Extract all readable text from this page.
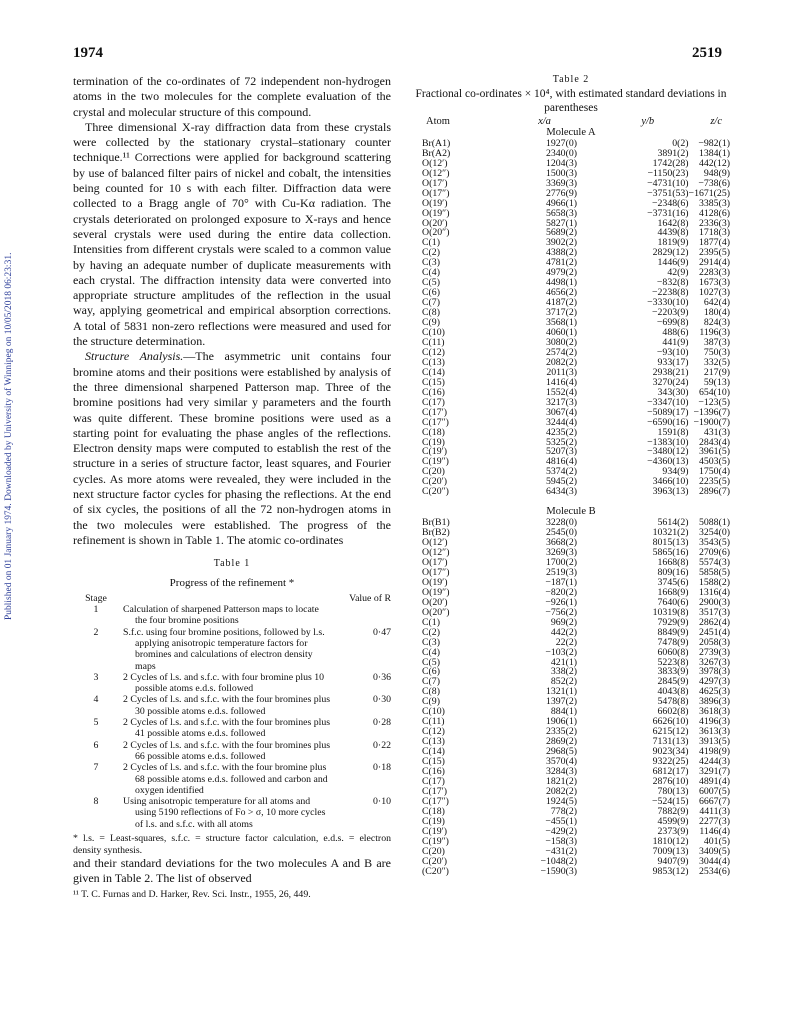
Published on 01 January 1974. Downloaded by University of Winnipeg on 10/05/2018 06:23:31.
1974	2519

termination of the co-ordinates of 72 independent non-hydrogen atoms in the two molecules for the complete evaluation of the crystal and molecular structure of this compound.

Three dimensional X-ray diffraction data from these crystals were collected by the stationary crystal–stationary counter technique.¹¹ Corrections were applied for background scattering by use of balanced filter pairs of nickel and cobalt, the intensities being counted for 10 s with each filter. Diffraction data were collected to a Bragg angle of 70° with Cu-Kα radiation. The crystals deteriorated on prolonged exposure to X-rays and hence several crystals were used during the entire data collection. Intensities from different crystals were scaled to a common value by having an adequate number of duplicate measurements with each crystal. The diffraction intensity data were converted into appropriate structure amplitudes of the reflection in the usual way, applying geometrical and empirical absorption corrections. A total of 5831 non-zero reflections were measured and used for the structure determination.

Structure Analysis.—The asymmetric unit contains four bromine atoms and their positions were established by analysis of the three dimensional sharpened Patterson map. Three of the bromine positions had very similar y parameters and the fourth was quite different. These bromine positions were used as a starting point for evaluating the phase angles of the reflections. Electron density maps were computed to establish the rest of the structure in a series of structure factor, least squares, and Fourier cycles. As more atoms were revealed, they were included in the next structure factor cycles for phasing the reflections. At the end of six cycles, the positions of all the 72 non-hydrogen atoms in the two molecules were established. The progress of the refinement is shown in Table 1. The atomic co-ordinates

Table 1
Progress of the refinement *
Stage		Value of R
1	Calculation of sharpened Patterson maps to locate the four bromine positions	

2	S.f.c. using four bromine positions, followed by l.s. applying anisotropic temperature factors for bromines and calculations of electron density maps	0·47
3	2 Cycles of l.s. and s.f.c. with four bromine plus 10 possible atoms e.d.s. followed	0·36
4	2 Cycles of l.s. and s.f.c. with the four bromines plus 30 possible atoms e.d.s. followed	0·30
5	2 Cycles of l.s. and s.f.c. with the four bromines plus 41 possible atoms e.d.s. followed	0·28
6	2 Cycles of l.s. and s.f.c. with the four bromines plus 66 possible atoms e.d.s. followed	0·22
7	2 Cycles of l.s. and s.f.c. with the four bromine plus 68 possible atoms e.d.s. followed and carbon and oxygen identified	0·18
8	Using anisotropic temperature for all atoms and using 5190 reflections of Fo > σ, 10 more cycles of l.s. and s.f.c. with all atoms	0·10
* l.s. = Least-squares, s.f.c. = structure factor calculation, e.d.s. = electron density synthesis.

and their standard deviations for the two molecules A and B are given in Table 2. The list of observed

¹¹ T. C. Furnas and D. Harker, Rev. Sci. Instr., 1955, 26, 449.
Table 2
Fractional co-ordinates × 10⁴, with estimated standard deviations in parentheses
Atom	x/a	y/b	z/c
Molecule A			
Br(A1)	1927(0)	0(2)	−982(1)
Br(A2)	2340(0)	3891(2)	1384(1)
O(12′)	1204(3)	1742(28)	442(12)
O(12″)	1500(3)	−1150(23)	948(9)
O(17′)	3369(3)	−4731(10)	−738(6)
O(17″)	2776(9)	−3751(53)	−1671(25)
O(19′)	4966(1)	−2348(6)	3385(3)
O(19″)	5658(3)	−3731(16)	4128(6)
O(20′)	5827(1)	1642(8)	2336(3)
O(20″)	5689(2)	4439(8)	1718(3)
C(1)	3902(2)	1819(9)	1877(4)
C(2)	4388(2)	2829(12)	2395(5)
C(3)	4781(2)	1446(9)	2914(4)
C(4)	4979(2)	42(9)	2283(3)
C(5)	4498(1)	−832(8)	1673(3)
C(6)	4656(2)	−2238(8)	1027(3)
C(7)	4187(2)	−3330(10)	642(4)
C(8)	3717(2)	−2203(9)	180(4)
C(9)	3568(1)	−699(8)	824(3)
C(10)	4060(1)	488(6)	1196(3)
C(11)	3080(2)	441(9)	387(3)
C(12)	2574(2)	−93(10)	750(3)
C(13)	2082(2)	933(17)	332(5)
C(14)	2011(3)	2938(21)	217(9)
C(15)	1416(4)	3270(24)	59(13)
C(16)	1552(4)	343(30)	654(10)
C(17)	3217(3)	−3347(10)	−123(5)
C(17′)	3067(4)	−5089(17)	−1396(7)
C(17″)	3244(4)	−6590(16)	−1900(7)
C(18)	4235(2)	1591(8)	431(3)
C(19)	5325(2)	−1383(10)	2843(4)
C(19′)	5207(3)	−3480(12)	3961(5)
C(19″)	4816(4)	−4360(13)	4503(5)
C(20)	5374(2)	934(9)	1750(4)
C(20′)	5945(2)	3466(10)	2235(5)
C(20″)	6434(3)	3963(13)	2896(7)

Molecule B			
Br(B1)	3228(0)	5614(2)	5088(1)
Br(B2)	2545(0)	10321(2)	3254(0)
O(12′)	3668(2)	8015(13)	3543(5)
O(12″)	3269(3)	5865(16)	2709(6)
O(17′)	1700(2)	1668(8)	5574(3)
O(17″)	2519(3)	809(16)	5858(5)
O(19′)	−187(1)	3745(6)	1588(2)
O(19″)	−820(2)	1668(9)	1316(4)
O(20′)	−926(1)	7640(6)	2900(3)
O(20″)	−756(2)	10319(8)	3517(3)
C(1)	969(2)	7929(9)	2862(4)
C(2)	442(2)	8849(9)	2451(4)
C(3)	22(2)	7478(9)	2058(3)
C(4)	−103(2)	6060(8)	2739(3)
C(5)	421(1)	5223(8)	3267(3)
C(6)	338(2)	3833(9)	3978(3)
C(7)	852(2)	2845(9)	4297(3)
C(8)	1321(1)	4043(8)	4625(3)
C(9)	1397(2)	5478(8)	3896(3)
C(10)	884(1)	6602(8)	3618(3)
C(11)	1906(1)	6626(10)	4196(3)
C(12)	2335(2)	6215(12)	3613(3)
C(13)	2869(2)	7131(13)	3913(5)
C(14)	2968(5)	9023(34)	4198(9)
C(15)	3570(4)	9322(25)	4244(3)
C(16)	3284(3)	6812(17)	3291(7)
C(17)	1821(2)	2876(10)	4891(4)
C(17′)	2082(2)	780(13)	6007(5)
C(17″)	1924(5)	−524(15)	6667(7)
C(18)	778(2)	7882(9)	4411(3)
C(19)	−455(1)	4599(9)	2277(3)
C(19′)	−429(2)	2373(9)	1146(4)
C(19″)	−158(3)	1810(12)	401(5)
C(20)	−431(2)	7009(13)	3409(5)
C(20′)	−1048(2)	9407(9)	3044(4)
(C20″)	−1590(3)	9853(12)	2534(6)
